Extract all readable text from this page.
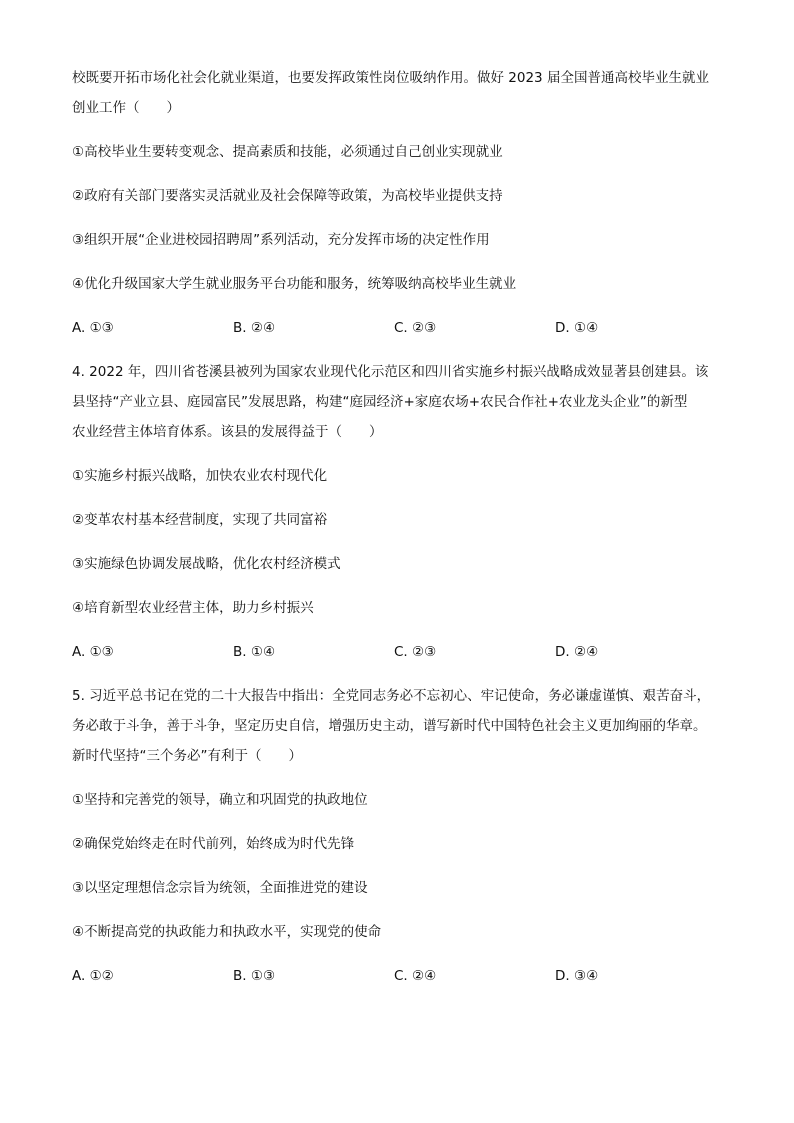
校既要开拓市场化社会化就业渠道，也要发挥政策性岗位吸纳作用。做好 2023 届全国普通高校毕业生就业
创业工作（　　）
①高校毕业生要转变观念、提高素质和技能，必须通过自己创业实现就业
②政府有关部门要落实灵活就业及社会保障等政策，为高校毕业提供支持
③组织开展“企业进校园招聘周”系列活动，充分发挥市场的决定性作用
④优化升级国家大学生就业服务平台功能和服务，统筹吸纳高校毕业生就业
A. ①③	B. ②④	C. ②③	D. ①④
4. 2022 年，四川省苍溪县被列为国家农业现代化示范区和四川省实施乡村振兴战略成效显著县创建县。该
县坚持“产业立县、庭园富民”发展思路，构建“庭园经济+家庭农场+农民合作社+农业龙头企业”的新型
农业经营主体培育体系。该县的发展得益于（　　）
①实施乡村振兴战略，加快农业农村现代化
②变革农村基本经营制度，实现了共同富裕
③实施绿色协调发展战略，优化农村经济模式
④培育新型农业经营主体，助力乡村振兴
A. ①③	B. ①④	C. ②③	D. ②④
5. 习近平总书记在党的二十大报告中指出：全党同志务必不忘初心、牢记使命，务必谦虚谨慎、艰苦奋斗，
务必敢于斗争，善于斗争，坚定历史自信，增强历史主动，谱写新时代中国特色社会主义更加绚丽的华章。
新时代坚持“三个务必”有利于（　　）
①坚持和完善党的领导，确立和巩固党的执政地位
②确保党始终走在时代前列，始终成为时代先锋
③以坚定理想信念宗旨为统领，全面推进党的建设
④不断提高党的执政能力和执政水平，实现党的使命
A. ①②	B. ①③	C. ②④	D. ③④
